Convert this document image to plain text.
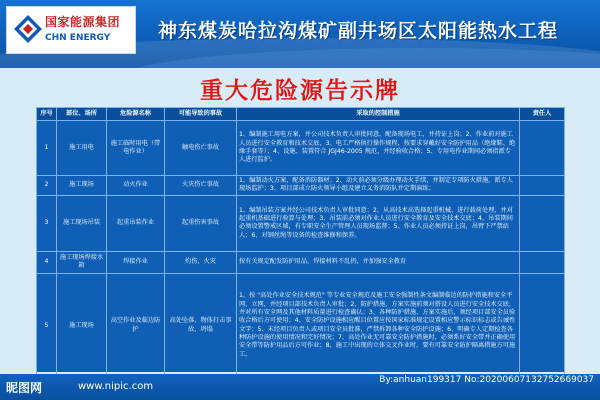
国家能源集团
CHN ENERGY	神东煤炭哈拉沟煤矿副井场区太阳能热水工程
重大危险源告示牌
序号	部位、场所	危险源名称	可能导致的事故	采取的控制措施	责任人
1	施工用电	施工临时用电（带电作业）	触电伤亡事故	1、编制施工用电方案，并公司技术负责人审批同意，配备现场电工，并持证上岗；2、作业前对施工人员进行安全教育和技术交底，3、电工严格执行操作规程，按要求穿戴好安全防护用品（绝缘鞋、绝缘手套等）；4、设施、装置符合 JGJ46-2005 规范，并经验收合格；5、专用电作业期间必须指派专人进行监护。	
2	施工现场	动火作业	火灾伤亡事故	1、编制动火方案，配备消防器材；2、动火前必须分级办理动火手续，并制定专项防火措施，派专人现场监护；3、项目部成立防火领导小组及建立义务消防队并定期演练；	
3	施工现场吊装	起重吊装作业	起重伤害事故	1、编制吊装方案并经公司技术负责人审批同意；2、从高技术高选择起重机械、进行载荷处理，并对起重机基础进行验算与处理；3、吊装前必须对作业人员进行安全教育及安全技术交底；4、吊装期间必须设置警戒区域，有专职安全生产管理人员现场监督；5、作业人员必须持证上岗，吊臂下严禁站人；6、对钢丝绳等设备的检查维修和保养。	
4	施工现场焊接水箱	焊接作业	灼伤、火灾	按有关规定配发防护用品，焊接材料不乱扔，并加强安全教育	
5	施工现场	高空作业及临边防护	高处坠落、物体打击事故、坍塌	1、按 "高处作业安全技术规范" 等专业安全规范及施工安全强制性条文编制临边的防护措施和安全平网、立网，并经项目部技术负责人审批；2、防护措施、方案实施前须对搭设人员进行安全技术交底，并对所有安全网及其他材料质量进行检查确认；3、各种防护措施、方案实施后，须经项目部安全员验收合格后方可使用；4、安全防护设施相应醒目位置应按国家标准规定设置相应警示标识标志或告诫性文字；5、未经项目负责人或项目安全员批准，严禁拆卸各种安全防护设施；6、明确专人定期检查各种防护设施的使用情况和完好情况；7、高处作业无可靠安全防护措施时，必须系好安全带并正确使用安全带等防护用品后方可作业；8、施工中出现的立体交叉作业时，要有可靠安全防护隔离措施方可施工。	
昵图网	www.nipic.com
By:anhuan199317 No:20200607132752669037
